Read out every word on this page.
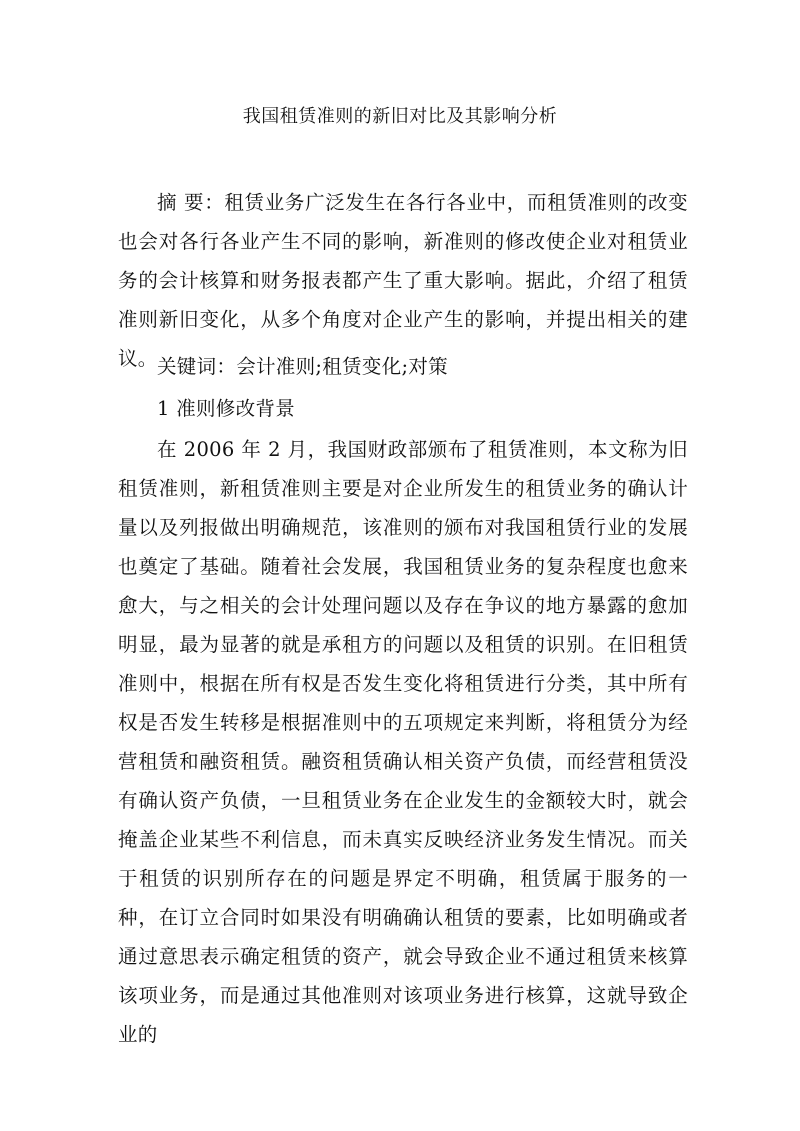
我国租赁准则的新旧对比及其影响分析

摘 要：租赁业务广泛发生在各行各业中，而租赁准则的改变也会对各行各业产生不同的影响，新准则的修改使企业对租赁业务的会计核算和财务报表都产生了重大影响。据此，介绍了租赁准则新旧变化，从多个角度对企业产生的影响，并提出相关的建议。 关键词：会计准则;租赁变化;对策

1 准则修改背景

在 2006 年 2 月，我国财政部颁布了租赁准则，本文称为旧租赁准则，新租赁准则主要是对企业所发生的租赁业务的确认计量以及列报做出明确规范，该准则的颁布对我国租赁行业的发展也奠定了基础。随着社会发展，我国租赁业务的复杂程度也愈来愈大，与之相关的会计处理问题以及存在争议的地方暴露的愈加明显，最为显著的就是承租方的问题以及租赁的识别。在旧租赁准则中，根据在所有权是否发生变化将租赁进行分类，其中所有权是否发生转移是根据准则中的五项规定来判断，将租赁分为经营租赁和融资租赁。融资租赁确认相关资产负债，而经营租赁没有确认资产负债，一旦租赁业务在企业发生的金额较大时，就会掩盖企业某些不利信息，而未真实反映经济业务发生情况。而关于租赁的识别所存在的问题是界定不明确，租赁属于服务的一种，在订立合同时如果没有明确确认租赁的要素，比如明确或者通过意思表示确定租赁的资产，就会导致企业不通过租赁来核算该项业务，而是通过其他准则对该项业务进行核算，这就导致企业的
